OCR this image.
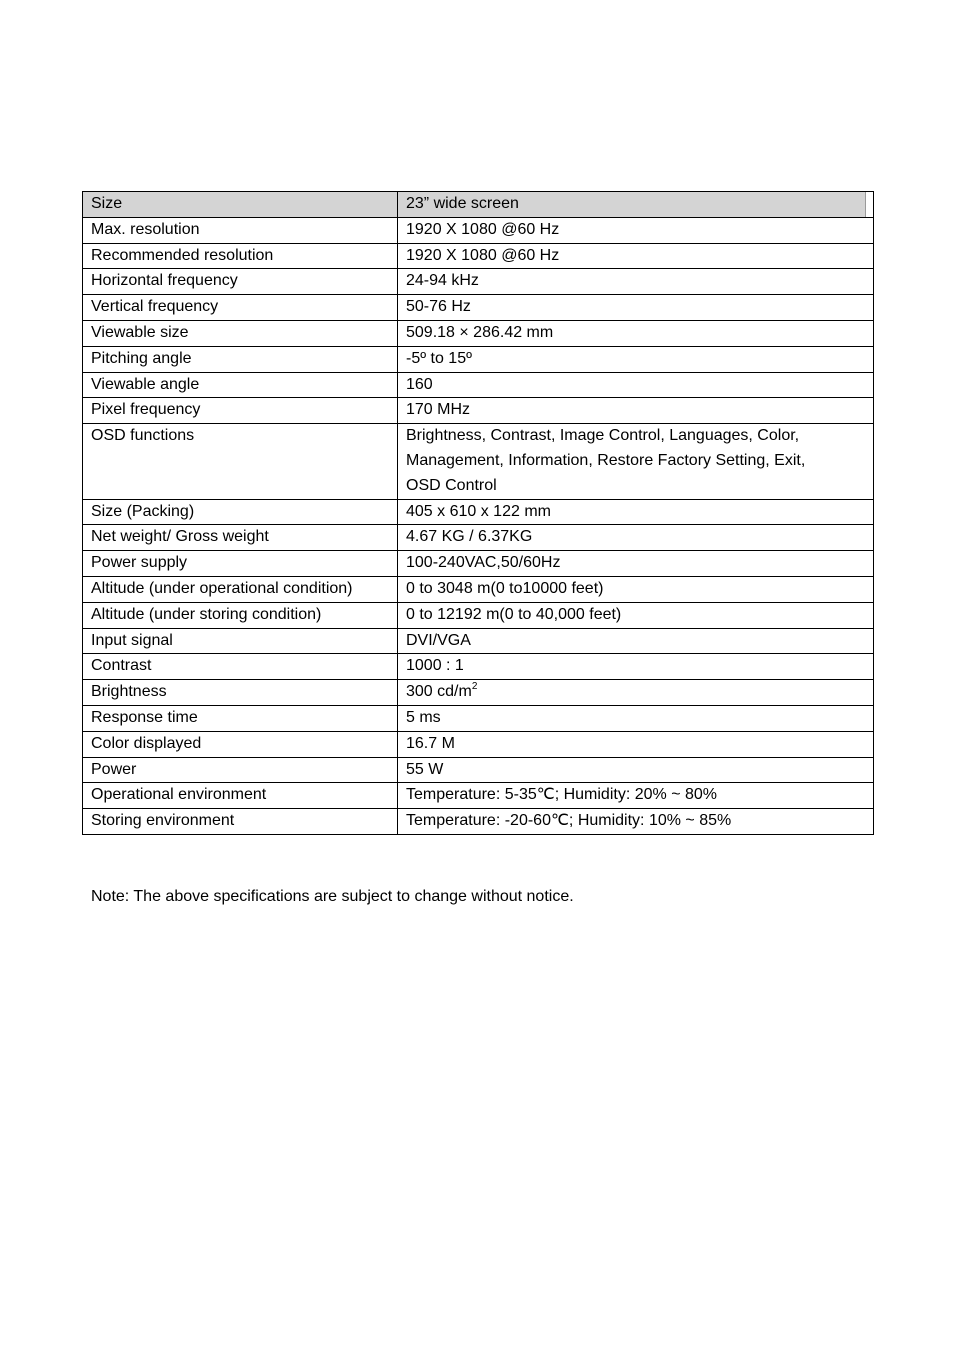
Size	23” wide screen
Max. resolution	1920 X 1080 @60 Hz
Recommended resolution	1920 X 1080 @60 Hz
Horizontal frequency	24-94 kHz
Vertical frequency	50-76 Hz
Viewable size	509.18 × 286.42 mm
Pitching angle	-5º to 15º
Viewable angle	160
Pixel frequency	170 MHz
OSD functions	Brightness, Contrast, Image Control, Languages, Color,
Management, Information, Restore Factory Setting, Exit,
OSD Control
Size (Packing)	405 x 610 x 122 mm
Net weight/ Gross weight	4.67 KG / 6.37KG
Power supply	100-240VAC,50/60Hz
Altitude (under operational condition)	0 to 3048 m(0 to10000 feet)
Altitude (under storing condition)	0 to 12192 m(0 to 40,000 feet)
Input signal	DVI/VGA
Contrast	1000 : 1
Brightness	300 $cd/m^2$
Response time	5 ms
Color displayed	16.7 M
Power	55 W
Operational environment	Temperature: 5-35℃; Humidity: 20% ~ 80%
Storing environment	Temperature: -20-60℃; Humidity: 10% ~ 85%

Note: The above specifications are subject to change without notice.
